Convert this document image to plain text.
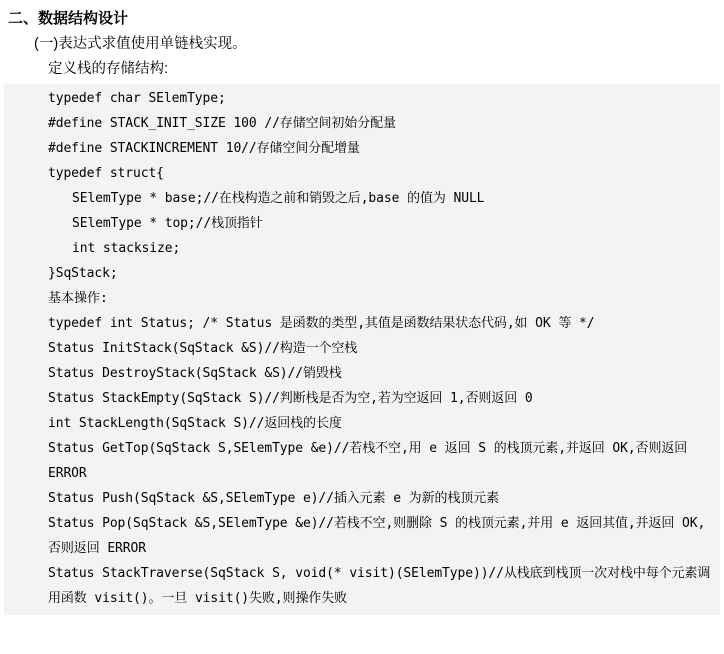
二、数据结构设计
(一)表达式求值使用单链栈实现。
定义栈的存储结构:
typedef char SElemType;
#define STACK_INIT_SIZE 100 //存储空间初始分配量
#define STACKINCREMENT 10//存储空间分配增量
typedef struct{
SElemType * base;//在栈构造之前和销毁之后,base 的值为 NULL
SElemType * top;//栈顶指针
int stacksize;
}SqStack;
基本操作:
typedef int Status; /* Status 是函数的类型,其值是函数结果状态代码,如 OK 等 */
Status InitStack(SqStack &S)//构造一个空栈
Status DestroyStack(SqStack &S)//销毁栈
Status StackEmpty(SqStack S)//判断栈是否为空,若为空返回 1,否则返回 0
int StackLength(SqStack S)//返回栈的长度
Status GetTop(SqStack S,SElemType &e)//若栈不空,用 e 返回 S 的栈顶元素,并返回 OK,否则返回 ERROR
Status Push(SqStack &S,SElemType e)//插入元素 e 为新的栈顶元素
Status Pop(SqStack &S,SElemType &e)//若栈不空,则删除 S 的栈顶元素,并用 e 返回其值,并返回 OK,否则返回 ERROR
Status StackTraverse(SqStack S, void(* visit)(SElemType))//从栈底到栈顶一次对栈中每个元素调用函数 visit()。一旦 visit()失败,则操作失败
